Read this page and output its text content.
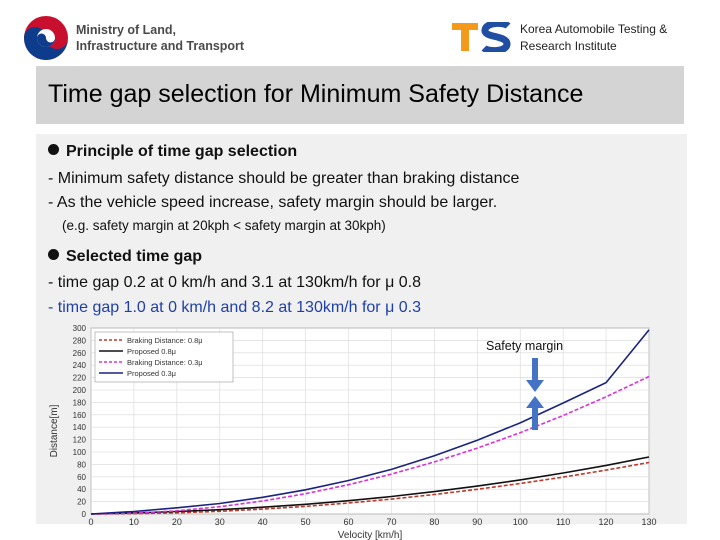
Ministry of Land,
Infrastructure and Transport
Korea Automobile Testing &
Research Institute
Time gap selection for Minimum Safety Distance
Principle of time gap selection
- Minimum safety distance should be greater than braking distance
- As the vehicle speed increase, safety margin should be larger.
(e.g. safety margin at 20kph < safety margin at 30kph)
Selected time gap
- time gap 0.2 at 0 km/h and 3.1 at 130km/h for μ 0.8
- time gap 1.0 at 0 km/h and 8.2 at 130km/h for μ 0.3
0	10	20	30	40	50	60	70	80	90	100	110	120	130
0
20
40
60
80
100
120
140
160
180
200
220
240
260
280
300
Velocity [km/h]
Distance[m]
Braking Distance: 0.8μ
Proposed 0.8μ
Braking Distance: 0.3μ
Proposed 0.3μ
Safety margin
